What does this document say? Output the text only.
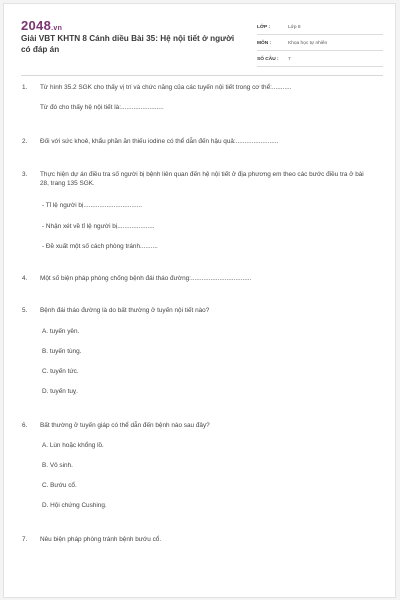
2048.vn
Giải VBT KHTN 8 Cánh diều Bài 35: Hệ nội tiết ở người có đáp án
LỚP :	Lớp 8
MÔN :	Khoa học tự nhiên
SỐ CÂU : 7
1. Từ hình 35.2 SGK cho thấy vị trí và chức năng của các tuyến nội tiết trong cơ thể:...........
Từ đó cho thấy hệ nội tiết là:........................
2. Đối với sức khoẻ, khẩu phần ăn thiếu iodine có thể dẫn đến hậu quả:........................
3. Thực hiện dự án điều tra số người bị bệnh liên quan đến hệ nội tiết ở địa phương em theo các bước điều tra ở bài 28, trang 135 SGK.
- Tỉ lệ người bị.................................
- Nhận xét về tỉ lệ người bị.....................
- Đề xuất một số cách phòng tránh..........
4. Một số biện pháp phòng chống bệnh đái tháo đường:..................................
5. Bệnh đái tháo đường là do bất thường ở tuyến nội tiết nào?
A. tuyến yên.
B. tuyến tùng.
C. tuyến tức.
D. tuyến tuỵ.
6. Bất thường ở tuyến giáp có thể dẫn đến bệnh nào sau đây?
A. Lùn hoặc khổng lồ.
B. Vô sinh.
C. Bướu cổ.
D. Hội chứng Cushing.
7. Nêu biện pháp phòng tránh bệnh bướu cổ.
